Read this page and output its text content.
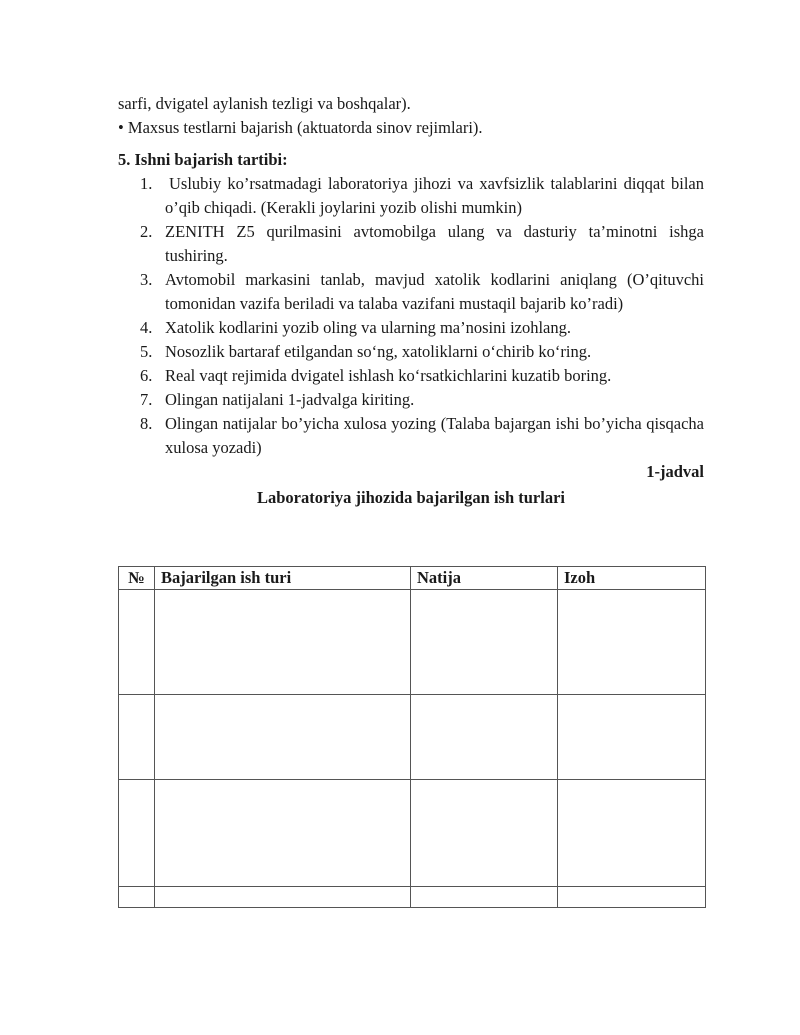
sarfi, dvigatel aylanish tezligi va boshqalar).
• Maxsus testlarni bajarish (aktuatorda sinov rejimlari).
5. Ishni bajarish tartibi:
1. Uslubiy ko’rsatmadagi laboratoriya jihozi va xavfsizlik talablarini diqqat bilan o’qib chiqadi. (Kerakli joylarini yozib olishi mumkin)
2. ZENITH Z5 qurilmasini avtomobilga ulang va dasturiy ta’minotni ishga tushiring.
3. Avtomobil markasini tanlab, mavjud xatolik kodlarini aniqlang (O’qituvchi tomonidan vazifa beriladi va talaba vazifani mustaqil bajarib ko’radi)
4. Xatolik kodlarini yozib oling va ularning ma’nosini izohlang.
5. Nosozlik bartaraf etilgandan so‘ng, xatoliklarni o‘chirib ko‘ring.
6. Real vaqt rejimida dvigatel ishlash ko‘rsatkichlarini kuzatib boring.
7. Olingan natijalani 1-jadvalga kiriting.
8. Olingan natijalar bo’yicha xulosa yozing (Talaba bajargan ishi bo’yicha qisqacha xulosa yozadi)
1-jadval
Laboratoriya jihozida bajarilgan ish turlari
№	Bajarilgan ish turi	Natija	Izoh
